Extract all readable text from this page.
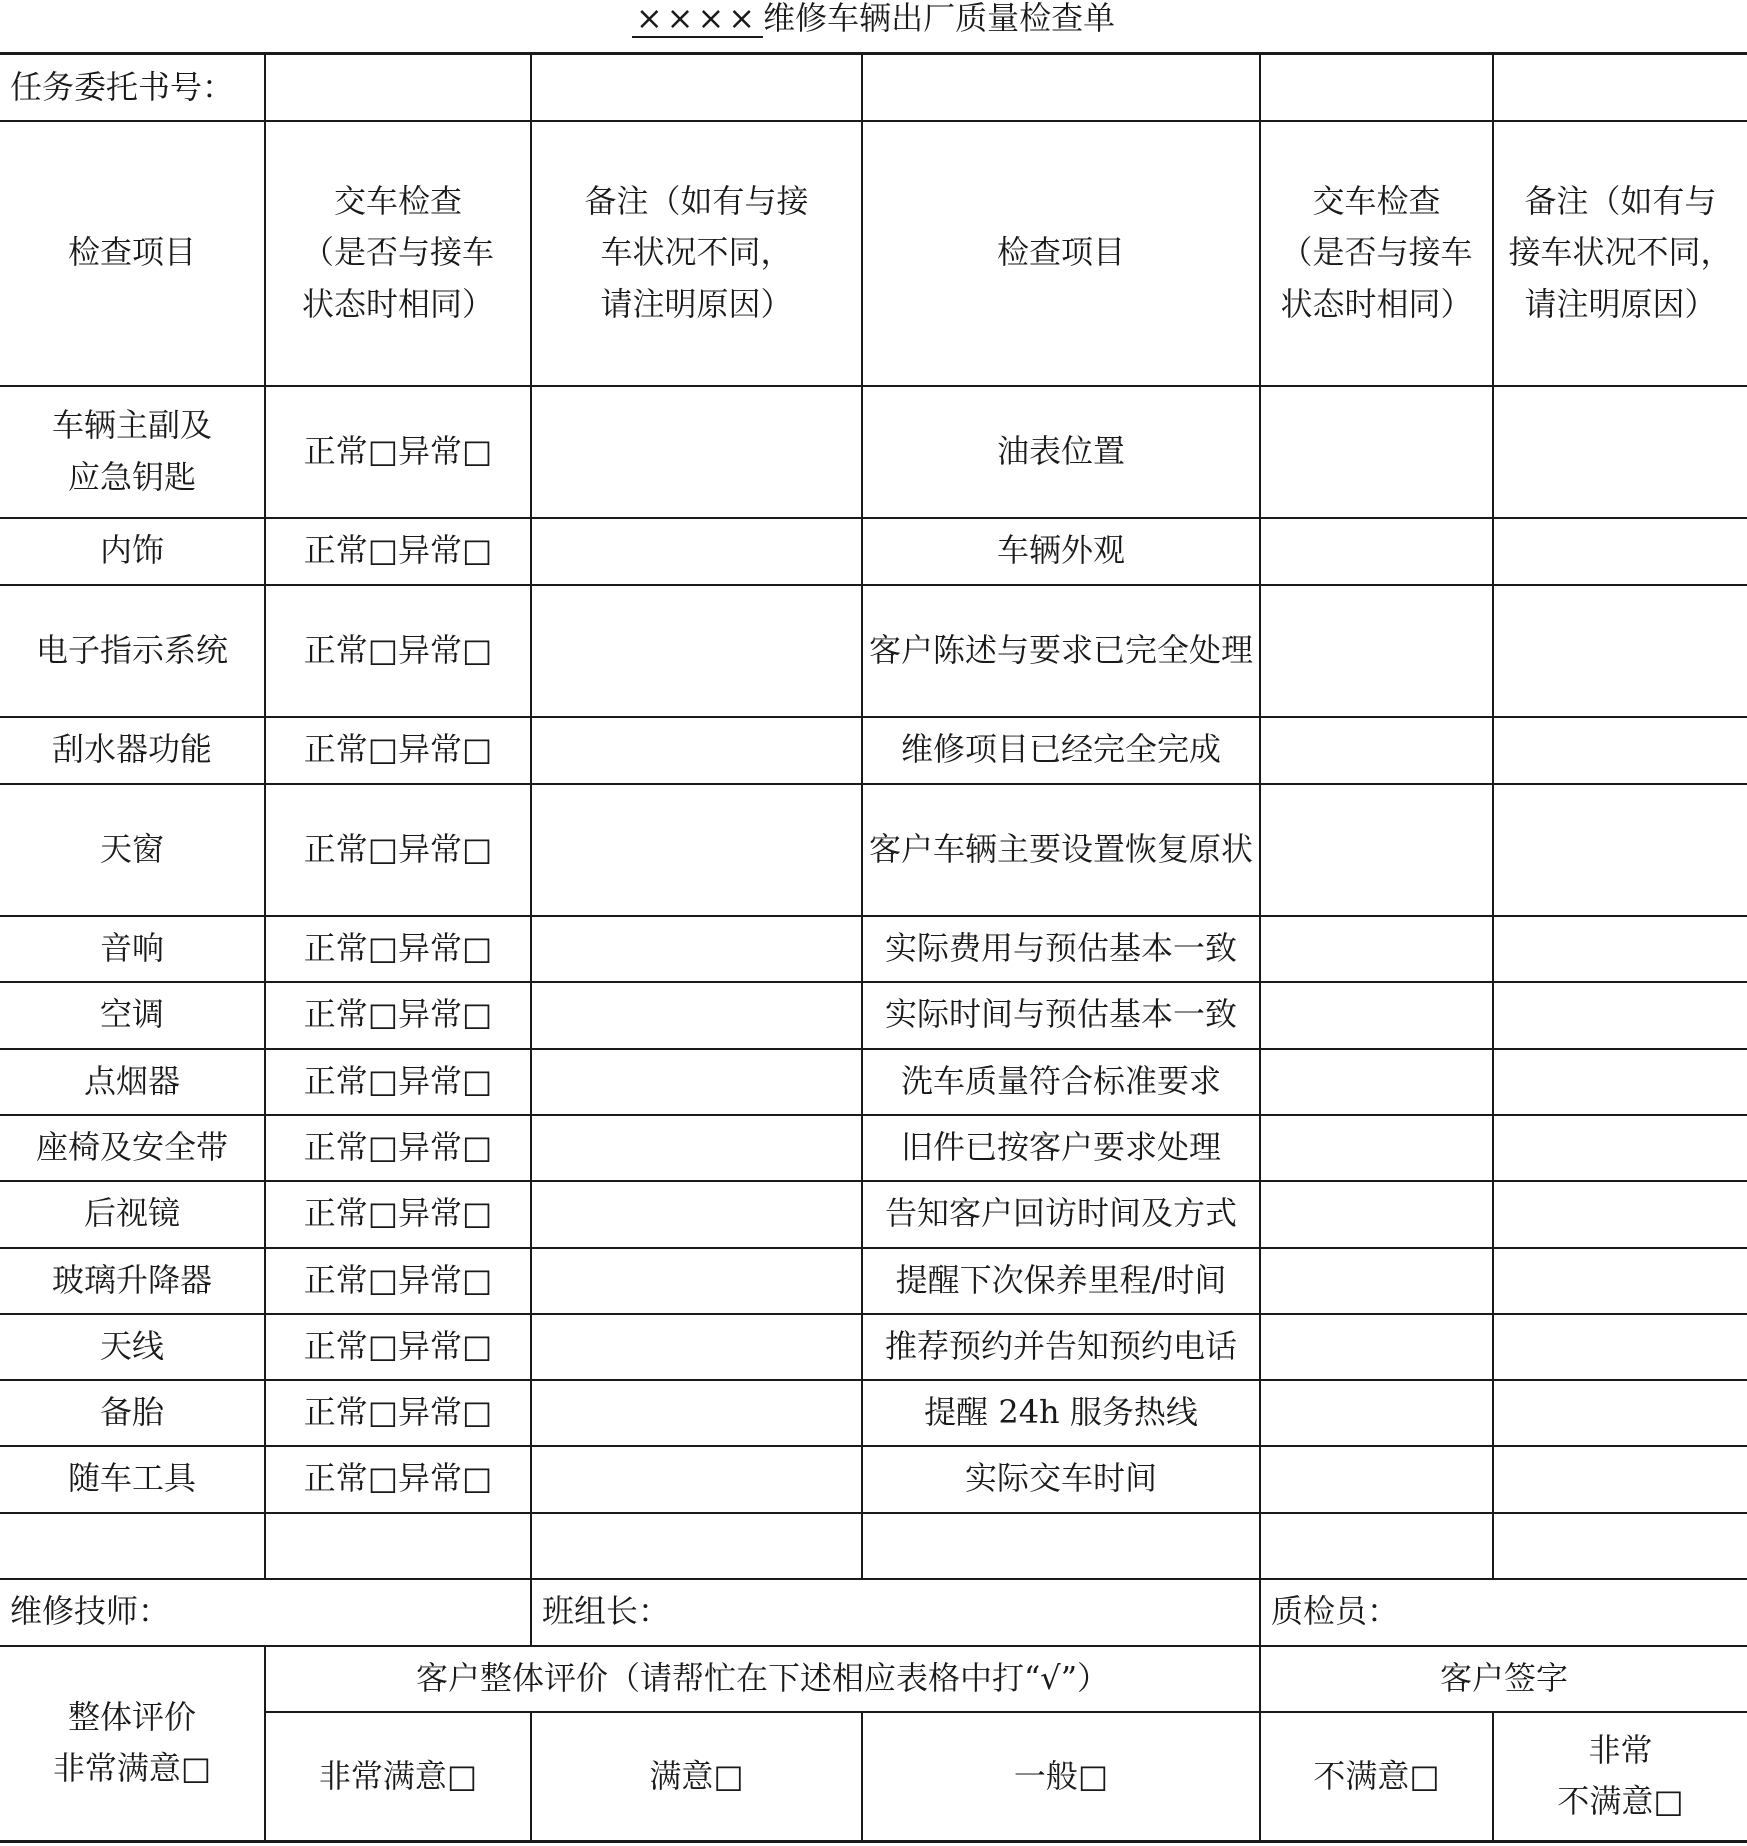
×××× 维修车辆出厂质量检查单
任务委托书号：					
检查项目	交车检查
（是否与接车
状态时相同）	备注（如有与接
车状况不同，
请注明原因）	检查项目	交车检查
（是否与接车
状态时相同）	备注（如有与
接车状况不同，
请注明原因）

车辆主副及
应急钥匙	正常□异常□		油表位置		

内饰	正常□异常□		车辆外观		

电子指示系统	正常□异常□		客户陈述与要求已完全处理		

刮水器功能	正常□异常□		维修项目已经完全完成		

天窗	正常□异常□		客户车辆主要设置恢复原状		

音响	正常□异常□		实际费用与预估基本一致		

空调	正常□异常□		实际时间与预估基本一致		

点烟器	正常□异常□		洗车质量符合标准要求		

座椅及安全带	正常□异常□		旧件已按客户要求处理		

后视镜	正常□异常□		告知客户回访时间及方式		

玻璃升降器	正常□异常□		提醒下次保养里程/时间		

天线	正常□异常□		推荐预约并告知预约电话		

备胎	正常□异常□		提醒 24h 服务热线		

随车工具	正常□异常□		实际交车时间		

维修技师：		班组长：		质检员：	

整体评价
非常满意□	客户整体评价（请帮忙在下述相应表格中打“√”）			客户签字	
	非常满意□	满意□	一般□	不满意□	非常
不满意□
